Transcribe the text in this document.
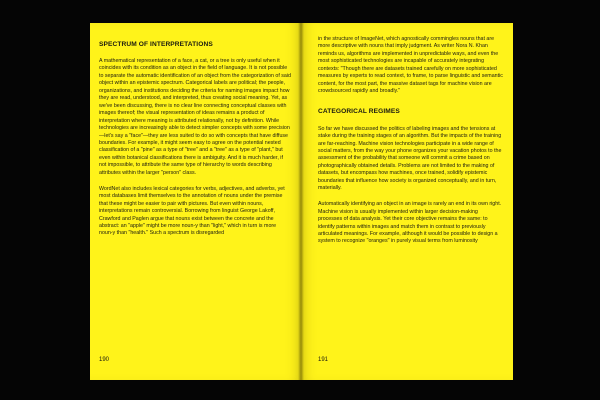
SPECTRUM OF INTERPRETATIONS

A mathematical representation of a face, a cat, or a tree is only useful when it coincides with its condition as an object in the field of language. It is not possible to separate the automatic identification of an object from the categorization of said object within an epistemic spectrum. Categorical labels are political; the people, organizations, and institutions deciding the criteria for naming images impact how they are read, understood, and interpreted, thus creating social meaning. Yet, as we've been discussing, there is no clear line connecting conceptual classes with images thereof; the visual representation of ideas remains a product of interpretation where meaning is attributed relationally, not by definition. While technologies are increasingly able to detect simpler concepts with some precision—let's say a "face"—they are less suited to do so with concepts that have diffuse boundaries. For example, it might seem easy to agree on the potential nested classification of a "pine" as a type of "tree" and a "tree" as a type of "plant," but even within botanical classifications there is ambiguity. And it is much harder, if not impossible, to attribute the same type of hierarchy to words describing attributes within the larger "person" class.

WordNet also includes lexical categories for verbs, adjectives, and adverbs, yet most databases limit themselves to the annotation of nouns under the premise that these might be easier to pair with pictures. But even within nouns, interpretations remain controversial. Borrowing from linguist George Lakoff, Crawford and Paglen argue that nouns exist between the concrete and the abstract: an "apple" might be more noun-y than "light," which in turn is more noun-y than "health." Such a spectrum is disregarded

190

in the structure of ImageNet, which agnostically commingles nouns that are more descriptive with nouns that imply judgment. As writer Nora N. Khan reminds us, algorithms are implemented in unpredictable ways, and even the most sophisticated technologies are incapable of accurately integrating contexts: "Though there are datasets trained carefully on more sophisticated measures by experts to read context, to frame, to parse linguistic and semantic content, for the most part, the massive dataset tags for machine vision are crowdsourced rapidly and broadly."

CATEGORICAL REGIMES

So far we have discussed the politics of labeling images and the tensions at stake during the training stages of an algorithm. But the impacts of the training are far-reaching. Machine vision technologies participate in a wide range of social matters, from the way your phone organizes your vacation photos to the assessment of the probability that someone will commit a crime based on photographically obtained details. Problems are not limited to the making of datasets, but encompass how machines, once trained, solidify epistemic boundaries that influence how society is organized conceptually, and in turn, materially.

Automatically identifying an object in an image is rarely an end in its own right. Machine vision is usually implemented within larger decision-making processes of data analysis. Yet their core objective remains the same: to identify patterns within images and match them in contrast to previously articulated meanings. For example, although it would be possible to design a system to recognize "oranges" in purely visual terms from luminosity

191
